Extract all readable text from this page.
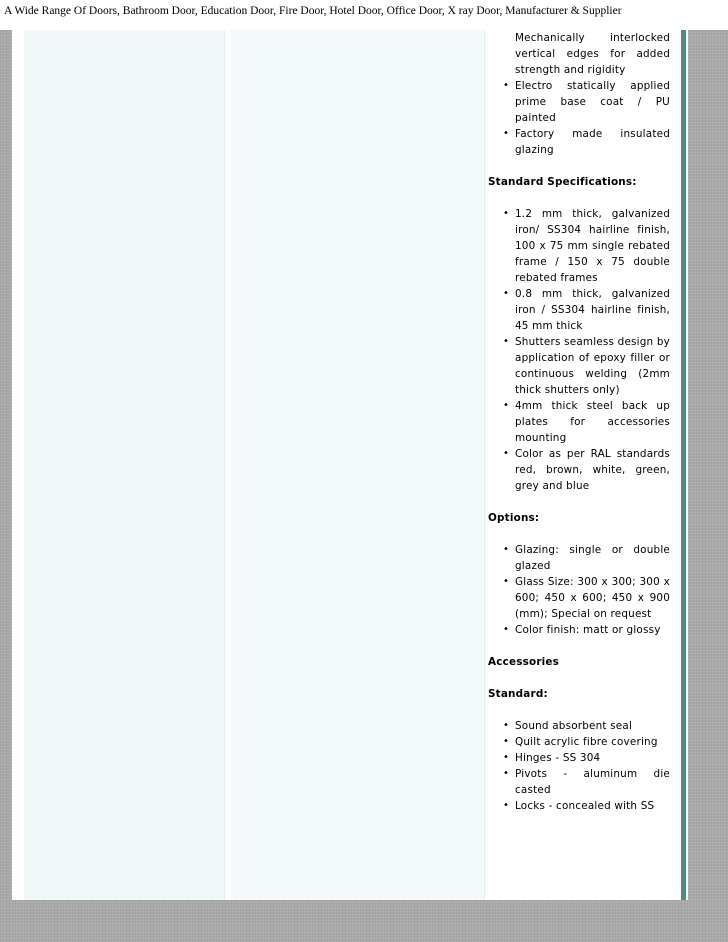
A Wide Range Of Doors, Bathroom Door, Education Door, Fire Door, Hotel Door, Office Door, X ray Door, Manufacturer & Supplier
Mechanically interlocked vertical edges for added strength and rigidity
• Electro statically applied prime base coat / PU painted
• Factory made insulated glazing
Standard Specifications:
• 1.2 mm thick, galvanized iron/ SS304 hairline finish, 100 x 75 mm single rebated frame / 150 x 75 double rebated frames
• 0.8 mm thick, galvanized iron / SS304 hairline finish, 45 mm thick
• Shutters seamless design by application of epoxy filler or continuous welding (2mm thick shutters only)
• 4mm thick steel back up plates for accessories mounting
• Color as per RAL standards red, brown, white, green, grey and blue
Options:
• Glazing: single or double glazed
• Glass Size: 300 x 300; 300 x 600; 450 x 600; 450 x 900 (mm); Special on request
• Color finish: matt or glossy
Accessories
Standard:
• Sound absorbent seal
• Quilt acrylic fibre covering
• Hinges - SS 304
• Pivots - aluminum die casted
• Locks - concealed with SS
